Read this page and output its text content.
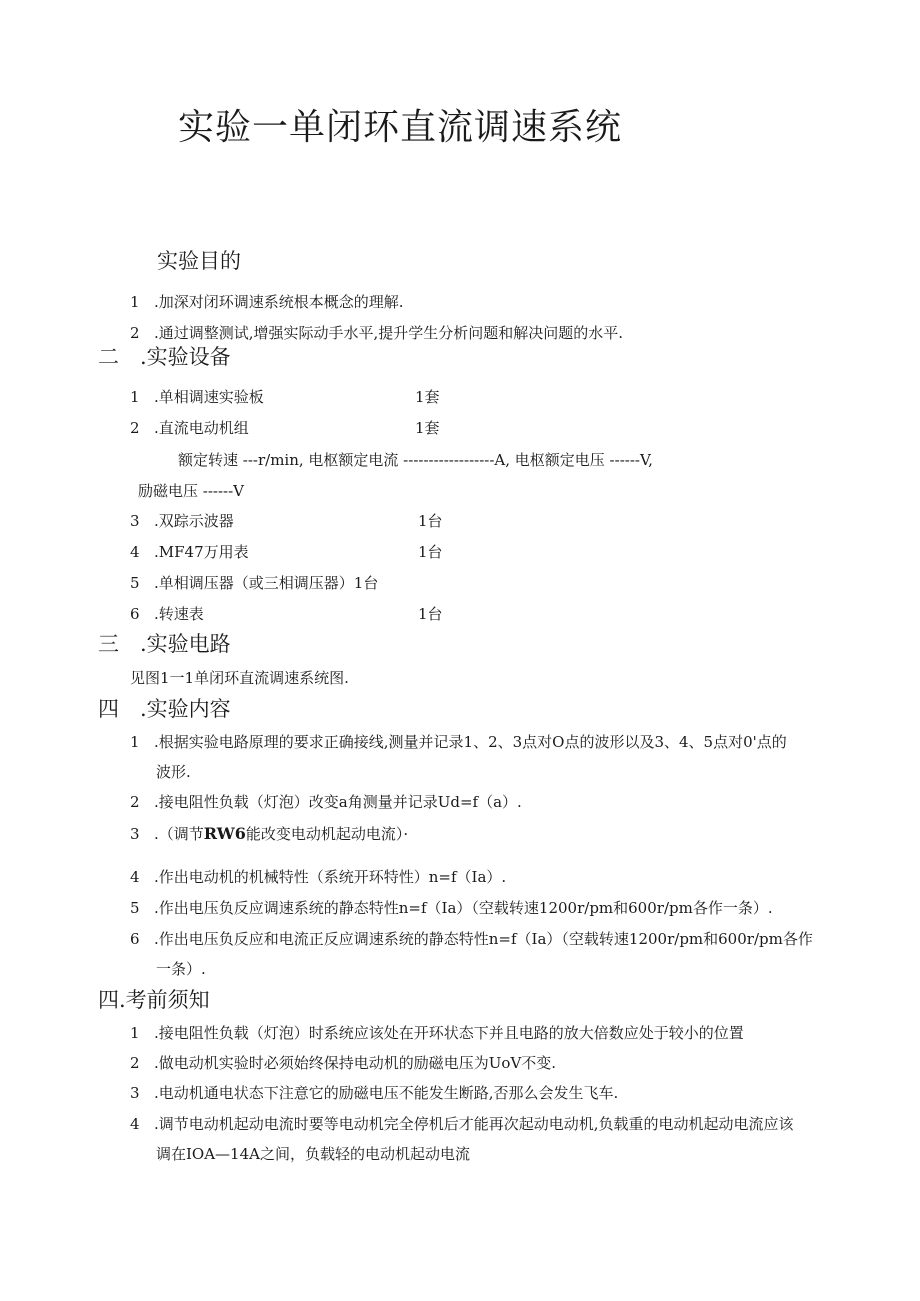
实验一单闭环直流调速系统
实验目的
1 .加深对闭环调速系统根本概念的理解.
2 .通过调整测试,增强实际动手水平,提升学生分析问题和解决问题的水平.
二 .实验设备
1 .单相调速实验板	1套
2 .直流电动机组	1套
额定转速 ---r/min, 电枢额定电流 ------------------A, 电枢额定电压 ------V,
励磁电压 ------V
3 .双踪示波器	1台
4 .MF47万用表	1台
5 .单相调压器（或三相调压器）1台
6 .转速表	1台
三 .实验电路
见图1一1单闭环直流调速系统图.
四 .实验内容
1 .根据实验电路原理的要求正确接线,测量并记录1、2、3点对O点的波形以及3、4、5点对0'点的
波形.
2 .接电阻性负载（灯泡）改变a角测量并记录Ud=f（a）.
3 .（调节RW6能改变电动机起动电流）·
4 .作出电动机的机械特性（系统开环特性）n=f（Ia）.
5 .作出电压负反应调速系统的静态特性n=f（Ia）（空载转速1200r/pm和600r/pm各作一条）.
6 .作出电压负反应和电流正反应调速系统的静态特性n=f（Ia）（空载转速1200r/pm和600r/pm各作
一条）.
四.考前须知
1 .接电阻性负载（灯泡）时系统应该处在开环状态下并且电路的放大倍数应处于较小的位置
2 .做电动机实验时必须始终保持电动机的励磁电压为UoV不变.
3 .电动机通电状态下注意它的励磁电压不能发生断路,否那么会发生飞车.
4 .调节电动机起动电流时要等电动机完全停机后才能再次起动电动机,负载重的电动机起动电流应该
调在IOA—14A之间，负载轻的电动机起动电流
